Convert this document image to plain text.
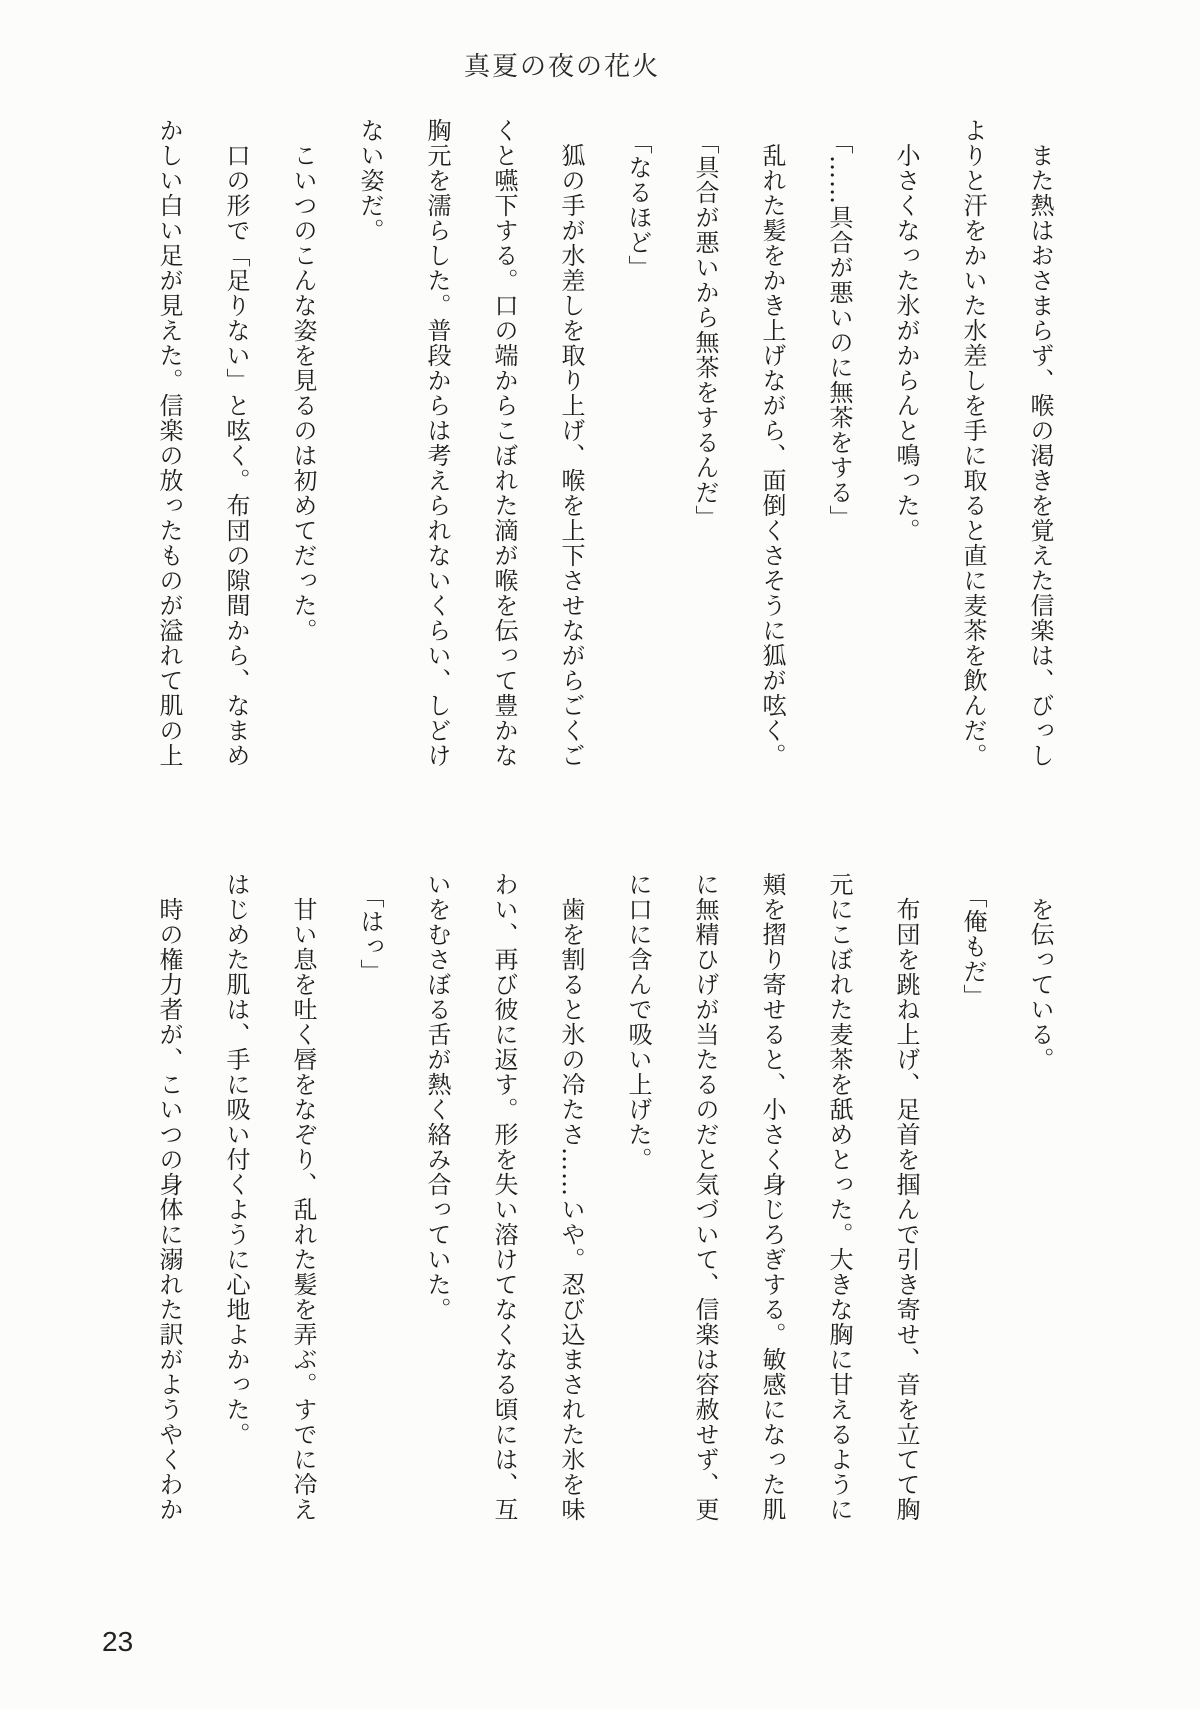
真夏の夜の花火

また熱はおさまらず、喉の渇きを覚えた信楽は、びっし

よりと汗をかいた水差しを手に取ると直に麦茶を飲んだ。

小さくなった氷がからんと鳴った。

「……具合が悪いのに無茶をする」

乱れた髪をかき上げながら、面倒くさそうに狐が呟く。

「具合が悪いから無茶をするんだ」

「なるほど」

狐の手が水差しを取り上げ、喉を上下させながらごくご

くと嚥下する。口の端からこぼれた滴が喉を伝って豊かな

胸元を濡らした。普段からは考えられないくらい、しどけ

ない姿だ。

こいつのこんな姿を見るのは初めてだった。

口の形で「足りない」と呟く。布団の隙間から、なまめ

かしい白い足が見えた。信楽の放ったものが溢れて肌の上

を伝っている。

「俺もだ」

布団を跳ね上げ、足首を掴んで引き寄せ、音を立てて胸

元にこぼれた麦茶を舐めとった。大きな胸に甘えるように

頬を摺り寄せると、小さく身じろぎする。敏感になった肌

に無精ひげが当たるのだと気づいて、信楽は容赦せず、更

に口に含んで吸い上げた。

歯を割ると氷の冷たさ……いや。忍び込まされた氷を味

わい、再び彼に返す。形を失い溶けてなくなる頃には、互

いをむさぼる舌が熱く絡み合っていた。

「はっ」

甘い息を吐く唇をなぞり、乱れた髪を弄ぶ。すでに冷え

はじめた肌は、手に吸い付くように心地よかった。

時の権力者が、こいつの身体に溺れた訳がようやくわか

23
